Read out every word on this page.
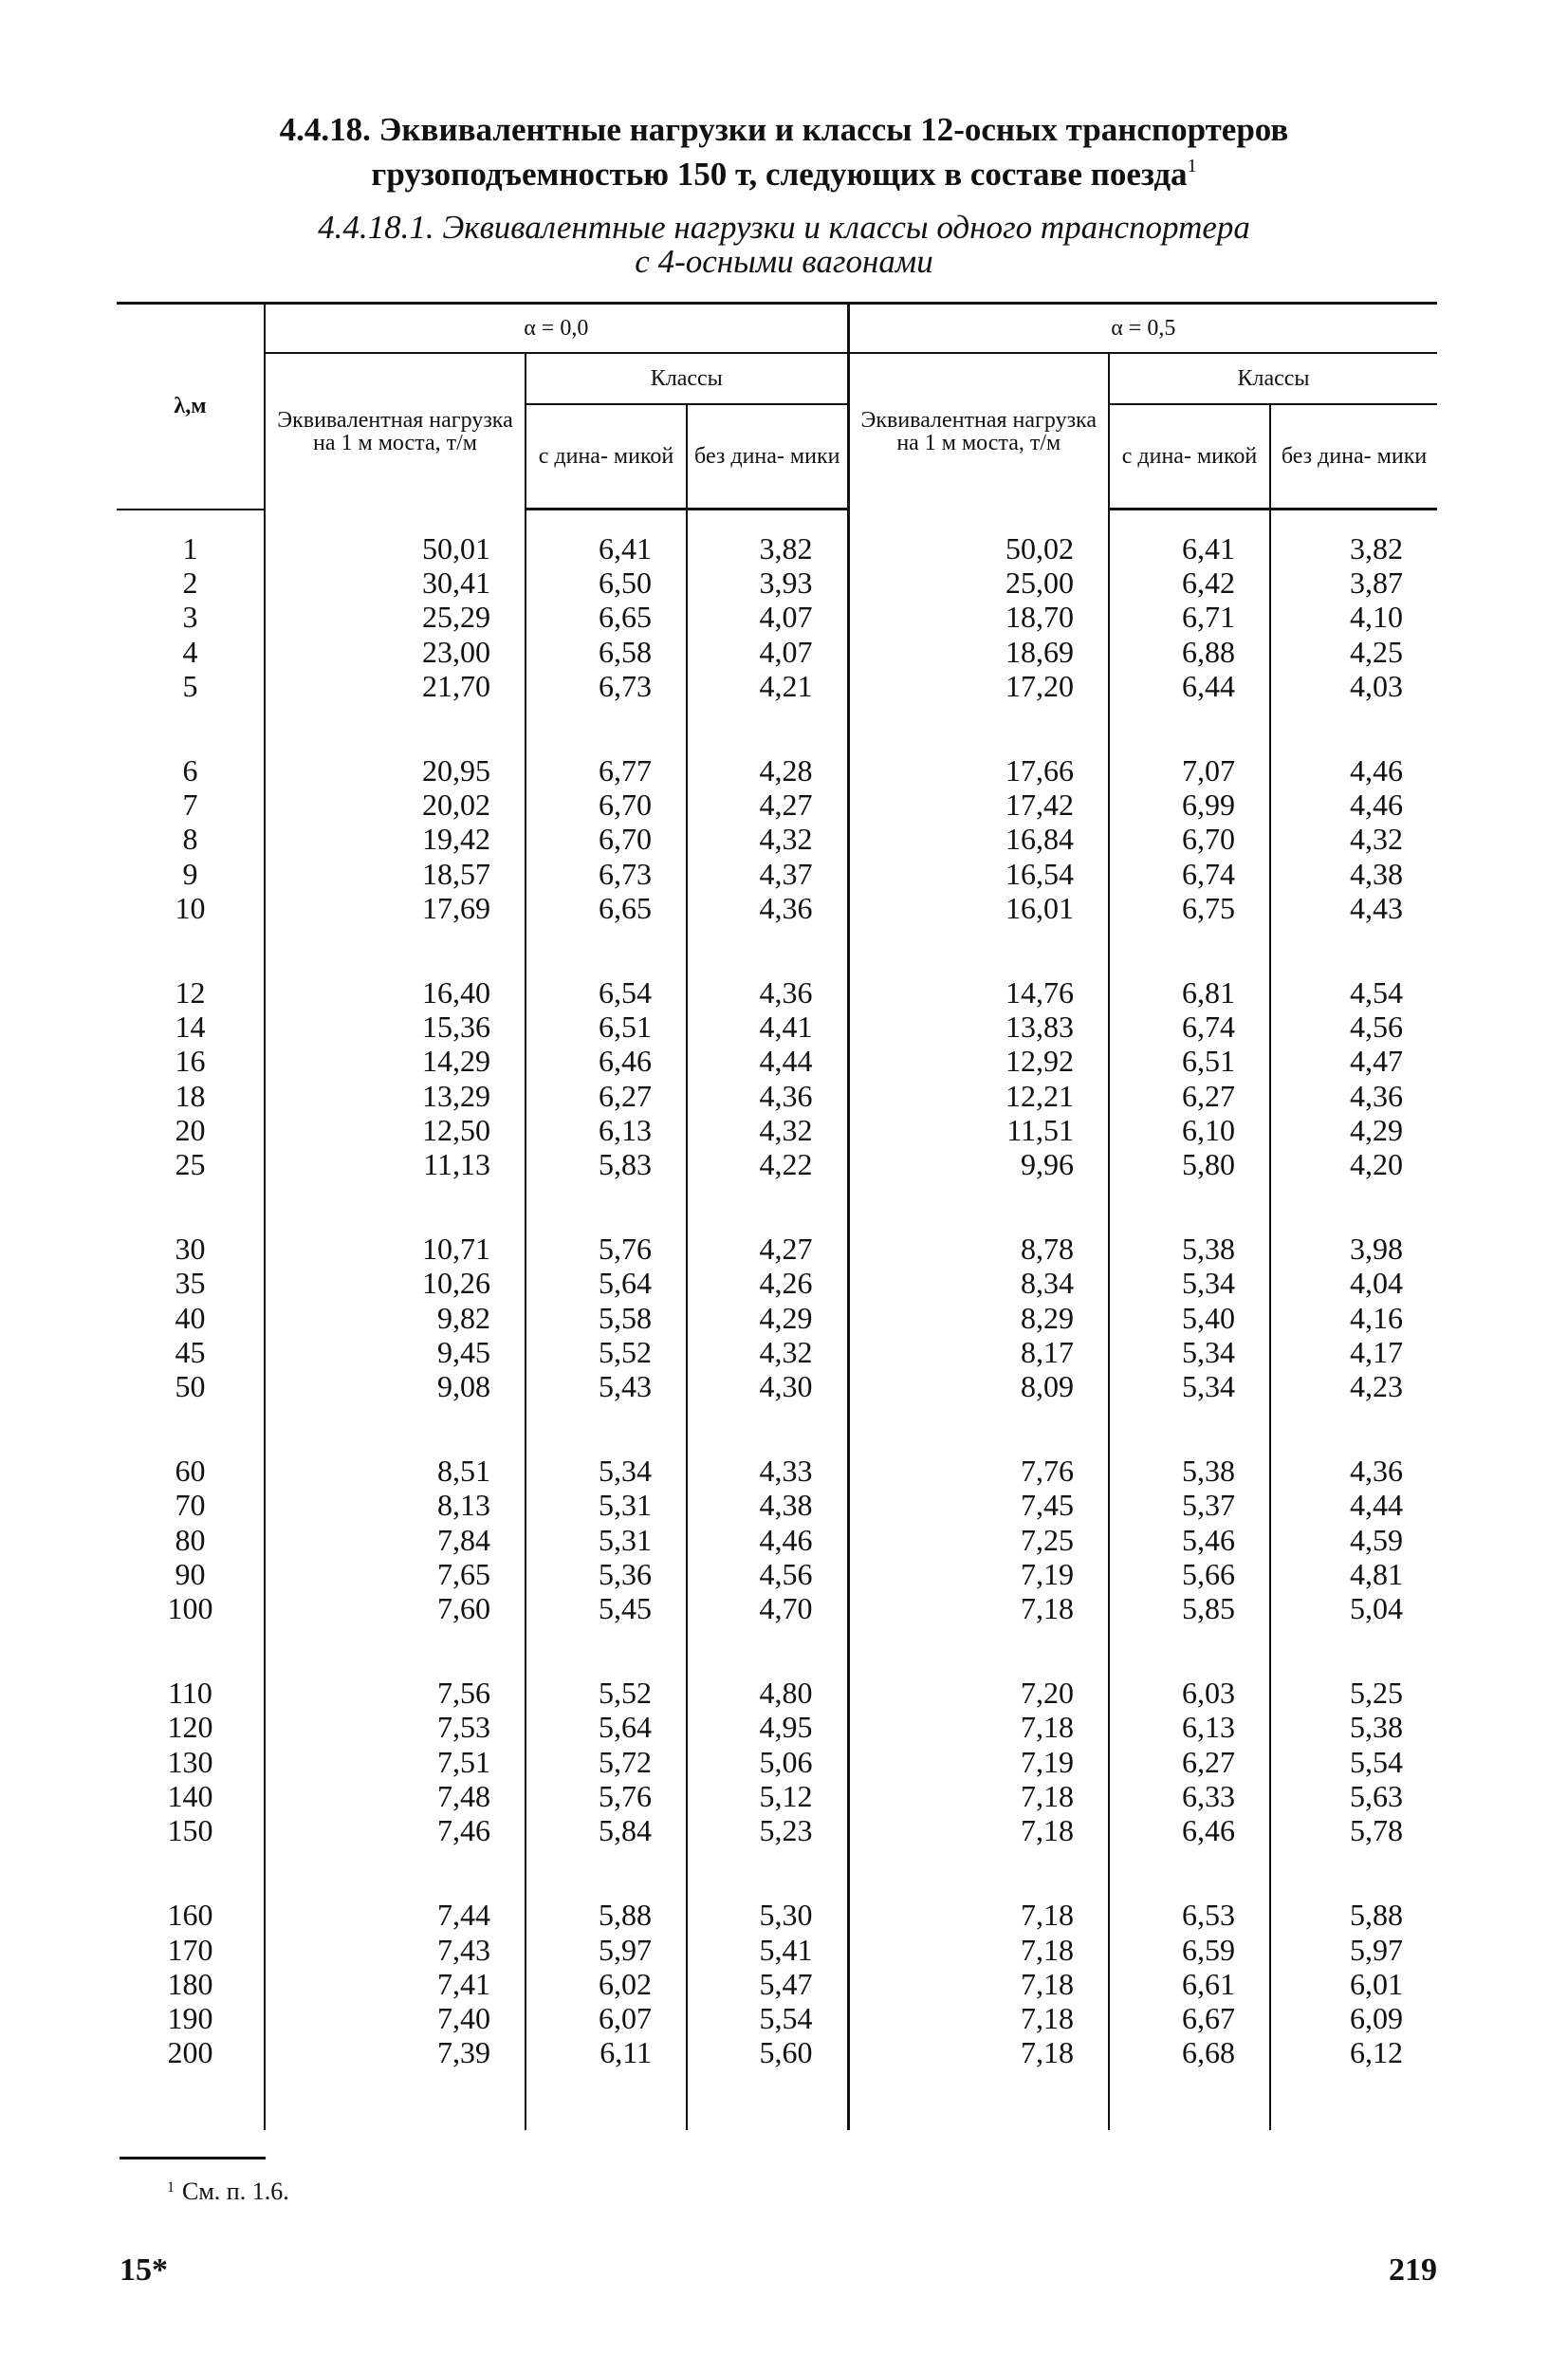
4.4.18. Эквивалентные нагрузки и классы 12-осных транспортеров
грузоподъемностью 150 т, следующих в составе поезда$^1$
4.4.18.1. Эквивалентные нагрузки и классы одного транспортера
с 4-осными вагонами
λ,м	α = 0,0			α = 0,5		
	Эквивалентная нагрузка на 1 м моста, т/м	Классы		Эквивалентная нагрузка на 1 м моста, т/м	Классы	
		с дина- микой	без дина- мики		с дина- микой	без дина- мики

1	50,01	6,41	3,82	50,02	6,41	3,82
2	30,41	6,50	3,93	25,00	6,42	3,87
3	25,29	6,65	4,07	18,70	6,71	4,10
4	23,00	6,58	4,07	18,69	6,88	4,25
5	21,70	6,73	4,21	17,20	6,44	4,03

6	20,95	6,77	4,28	17,66	7,07	4,46
7	20,02	6,70	4,27	17,42	6,99	4,46
8	19,42	6,70	4,32	16,84	6,70	4,32
9	18,57	6,73	4,37	16,54	6,74	4,38
10	17,69	6,65	4,36	16,01	6,75	4,43

12	16,40	6,54	4,36	14,76	6,81	4,54
14	15,36	6,51	4,41	13,83	6,74	4,56
16	14,29	6,46	4,44	12,92	6,51	4,47
18	13,29	6,27	4,36	12,21	6,27	4,36
20	12,50	6,13	4,32	11,51	6,10	4,29
25	11,13	5,83	4,22	9,96	5,80	4,20

30	10,71	5,76	4,27	8,78	5,38	3,98
35	10,26	5,64	4,26	8,34	5,34	4,04
40	9,82	5,58	4,29	8,29	5,40	4,16
45	9,45	5,52	4,32	8,17	5,34	4,17
50	9,08	5,43	4,30	8,09	5,34	4,23

60	8,51	5,34	4,33	7,76	5,38	4,36
70	8,13	5,31	4,38	7,45	5,37	4,44
80	7,84	5,31	4,46	7,25	5,46	4,59
90	7,65	5,36	4,56	7,19	5,66	4,81
100	7,60	5,45	4,70	7,18	5,85	5,04

110	7,56	5,52	4,80	7,20	6,03	5,25
120	7,53	5,64	4,95	7,18	6,13	5,38
130	7,51	5,72	5,06	7,19	6,27	5,54
140	7,48	5,76	5,12	7,18	6,33	5,63
150	7,46	5,84	5,23	7,18	6,46	5,78

160	7,44	5,88	5,30	7,18	6,53	5,88
170	7,43	5,97	5,41	7,18	6,59	5,97
180	7,41	6,02	5,47	7,18	6,61	6,01
190	7,40	6,07	5,54	7,18	6,67	6,09
200	7,39	6,11	5,60	7,18	6,68	6,12

$^1$ См. п. 1.6.
15*	219
